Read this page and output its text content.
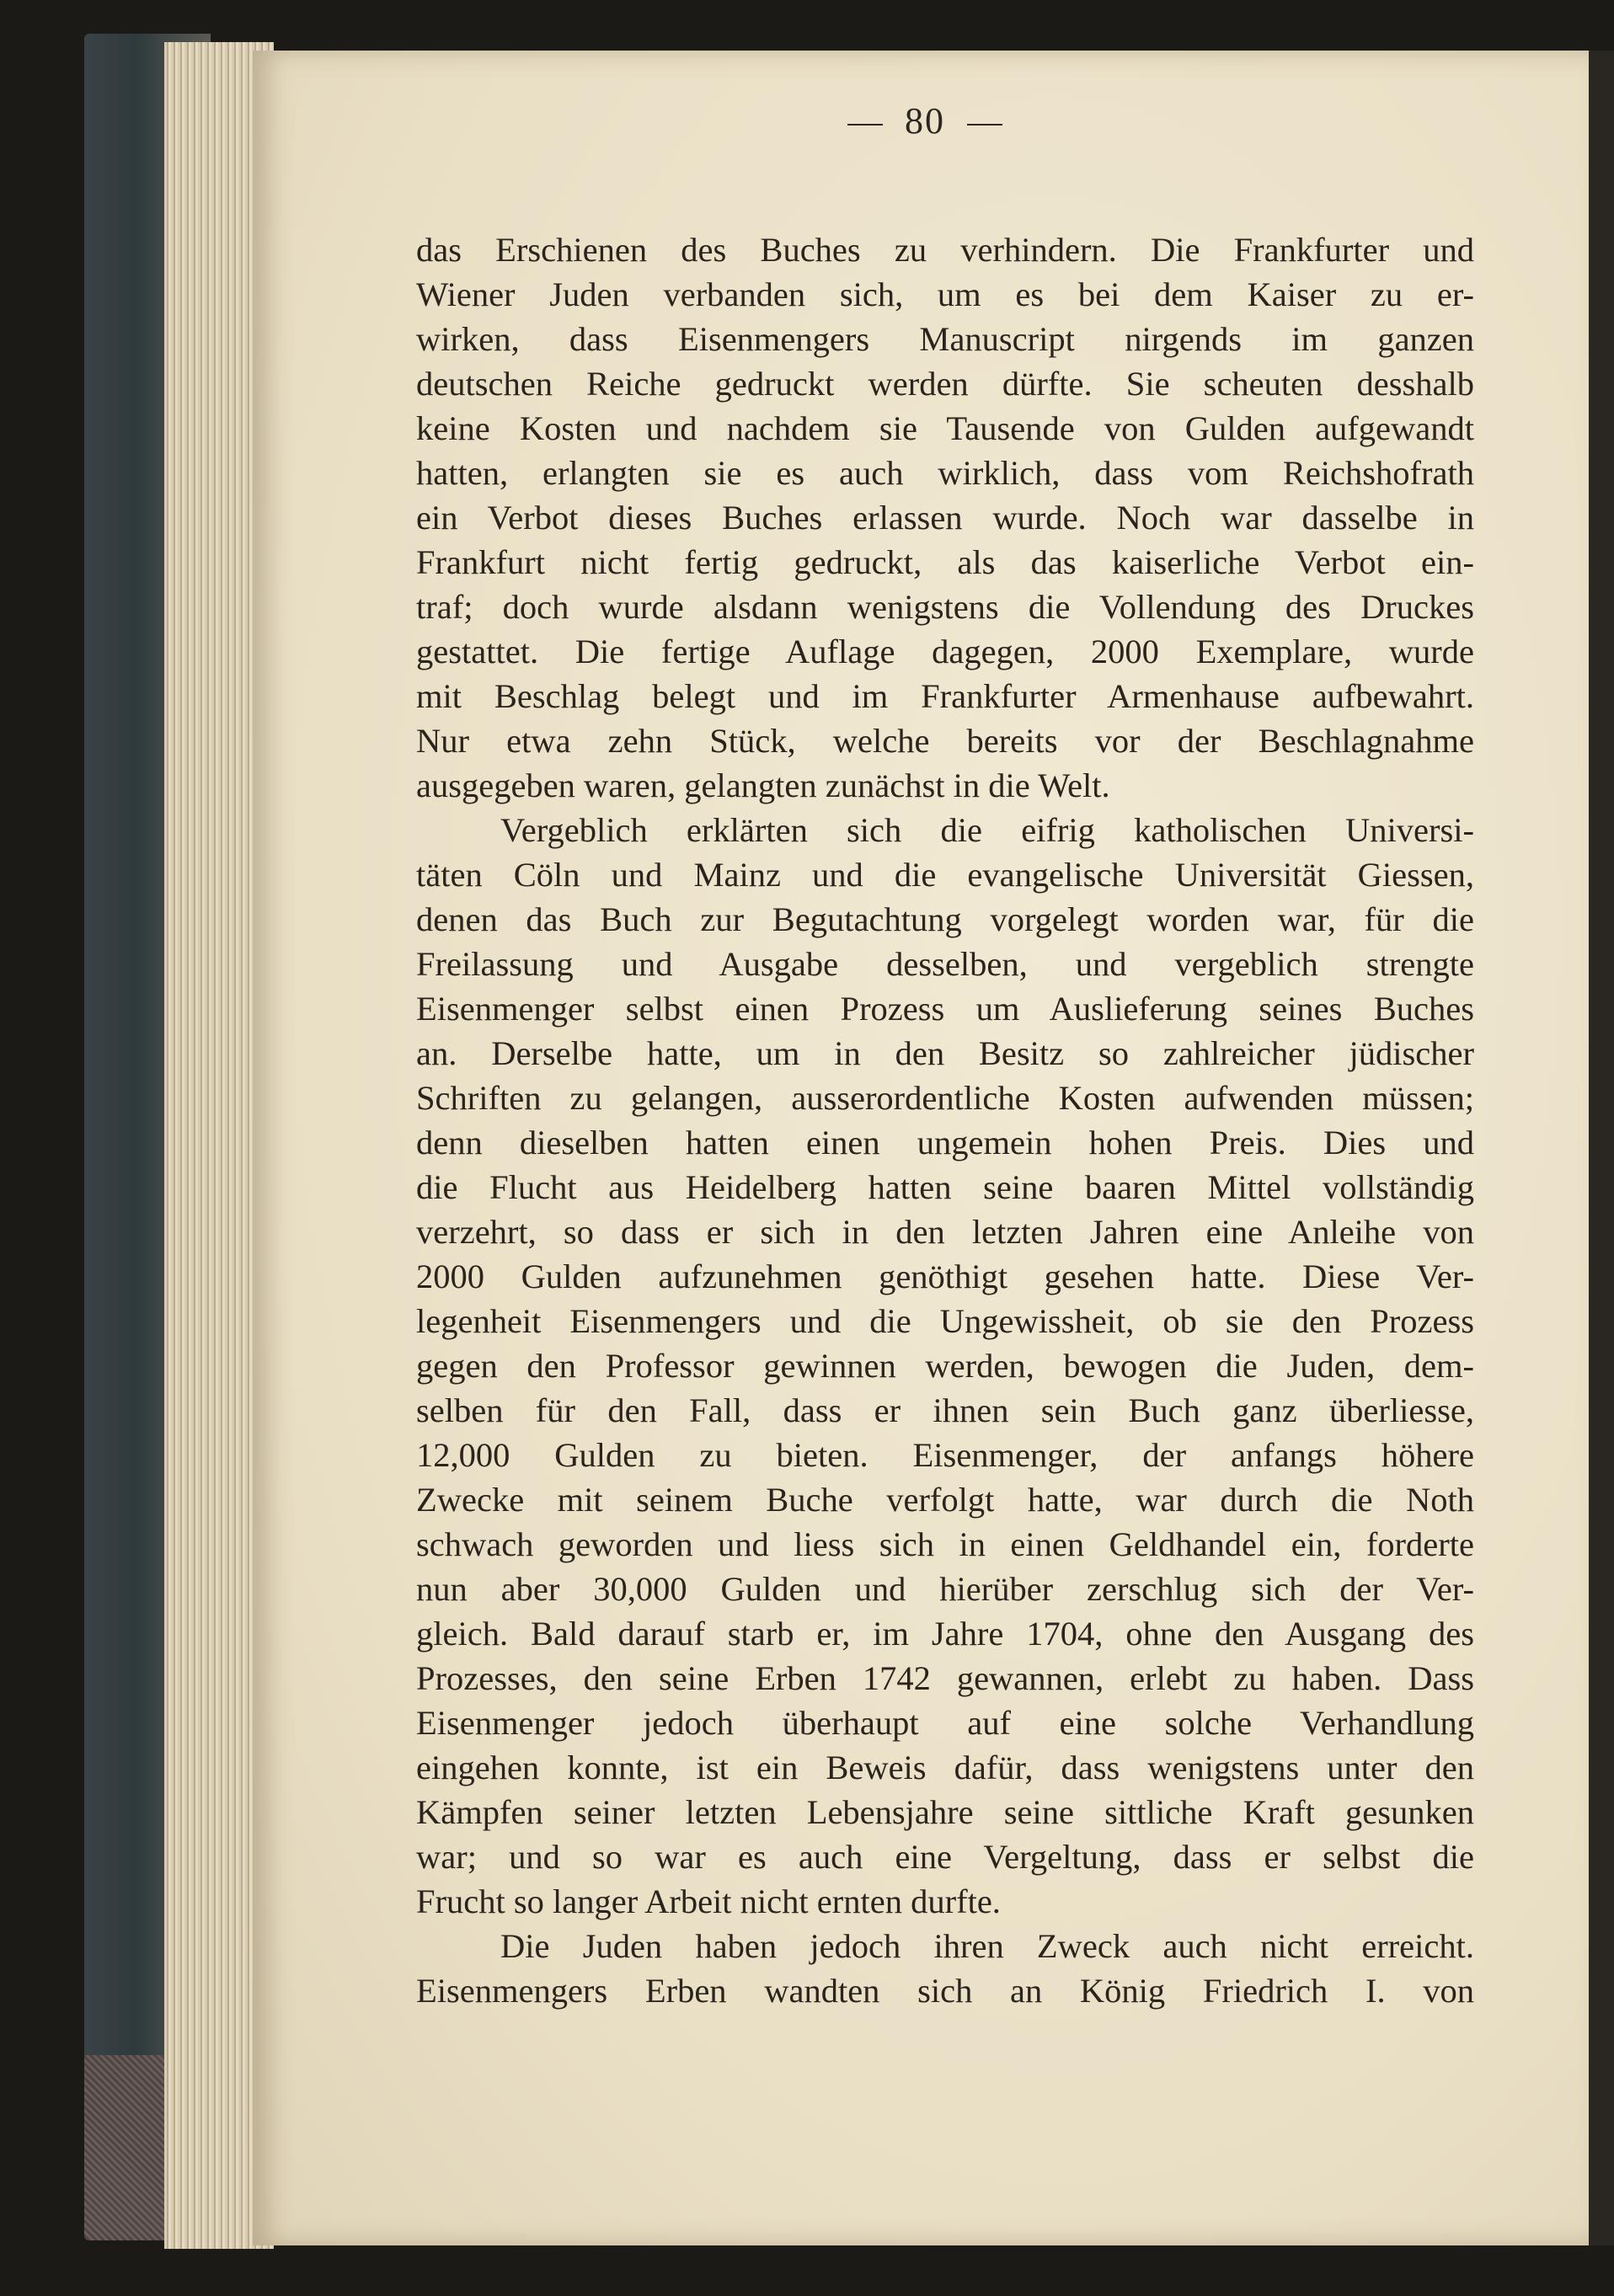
80
das Erschienen des Buches zu verhindern. Die Frankfurter und
Wiener Juden verbanden sich, um es bei dem Kaiser zu er-
wirken, dass Eisenmengers Manuscript nirgends im ganzen
deutschen Reiche gedruckt werden dürfte. Sie scheuten desshalb
keine Kosten und nachdem sie Tausende von Gulden aufgewandt
hatten, erlangten sie es auch wirklich, dass vom Reichshofrath
ein Verbot dieses Buches erlassen wurde. Noch war dasselbe in
Frankfurt nicht fertig gedruckt, als das kaiserliche Verbot ein-
traf; doch wurde alsdann wenigstens die Vollendung des Druckes
gestattet. Die fertige Auflage dagegen, 2000 Exemplare, wurde
mit Beschlag belegt und im Frankfurter Armenhause aufbewahrt.
Nur etwa zehn Stück, welche bereits vor der Beschlagnahme
ausgegeben waren, gelangten zunächst in die Welt.
Vergeblich erklärten sich die eifrig katholischen Universi-
täten Cöln und Mainz und die evangelische Universität Giessen,
denen das Buch zur Begutachtung vorgelegt worden war, für die
Freilassung und Ausgabe desselben, und vergeblich strengte
Eisenmenger selbst einen Prozess um Auslieferung seines Buches
an. Derselbe hatte, um in den Besitz so zahlreicher jüdischer
Schriften zu gelangen, ausserordentliche Kosten aufwenden müssen;
denn dieselben hatten einen ungemein hohen Preis. Dies und
die Flucht aus Heidelberg hatten seine baaren Mittel vollständig
verzehrt, so dass er sich in den letzten Jahren eine Anleihe von
2000 Gulden aufzunehmen genöthigt gesehen hatte. Diese Ver-
legenheit Eisenmengers und die Ungewissheit, ob sie den Prozess
gegen den Professor gewinnen werden, bewogen die Juden, dem-
selben für den Fall, dass er ihnen sein Buch ganz überliesse,
12,000 Gulden zu bieten. Eisenmenger, der anfangs höhere
Zwecke mit seinem Buche verfolgt hatte, war durch die Noth
schwach geworden und liess sich in einen Geldhandel ein, forderte
nun aber 30,000 Gulden und hierüber zerschlug sich der Ver-
gleich. Bald darauf starb er, im Jahre 1704, ohne den Ausgang des
Prozesses, den seine Erben 1742 gewannen, erlebt zu haben. Dass
Eisenmenger jedoch überhaupt auf eine solche Verhandlung
eingehen konnte, ist ein Beweis dafür, dass wenigstens unter den
Kämpfen seiner letzten Lebensjahre seine sittliche Kraft gesunken
war; und so war es auch eine Vergeltung, dass er selbst die
Frucht so langer Arbeit nicht ernten durfte.
Die Juden haben jedoch ihren Zweck auch nicht erreicht.
Eisenmengers Erben wandten sich an König Friedrich I. von
